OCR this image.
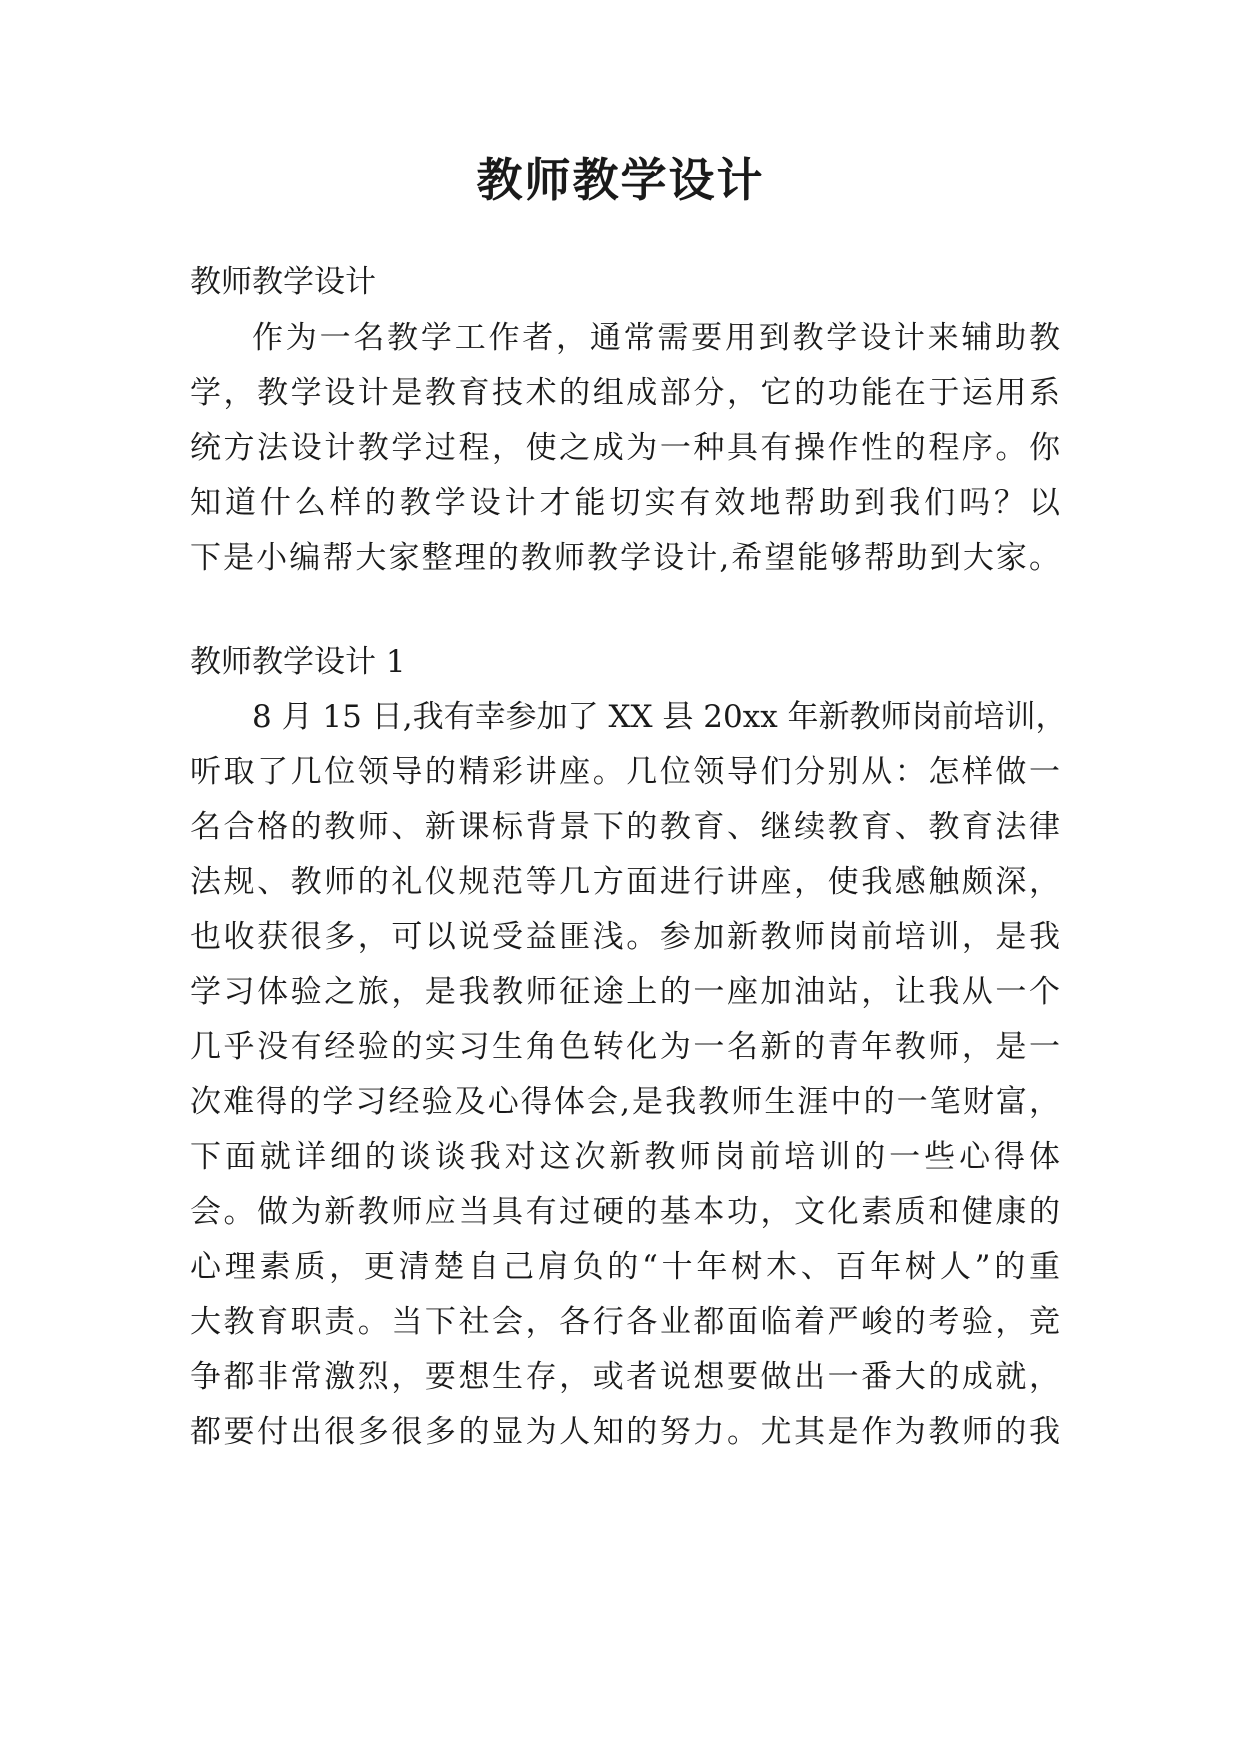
教师教学设计

教师教学设计

作为一名教学工作者，通常需要用到教学设计来辅助教

学，教学设计是教育技术的组成部分，它的功能在于运用系

统方法设计教学过程，使之成为一种具有操作性的程序。你

知道什么样的教学设计才能切实有效地帮助到我们吗？以

下是小编帮大家整理的教师教学设计,希望能够帮助到大家。

教师教学设计 1

8 月 15 日,我有幸参加了 XX 县 20xx 年新教师岗前培训，

听取了几位领导的精彩讲座。几位领导们分别从：怎样做一

名合格的教师、新课标背景下的教育、继续教育、教育法律

法规、教师的礼仪规范等几方面进行讲座，使我感触颇深，

也收获很多，可以说受益匪浅。参加新教师岗前培训，是我

学习体验之旅，是我教师征途上的一座加油站，让我从一个

几乎没有经验的实习生角色转化为一名新的青年教师，是一

次难得的学习经验及心得体会,是我教师生涯中的一笔财富，

下面就详细的谈谈我对这次新教师岗前培训的一些心得体

会。做为新教师应当具有过硬的基本功，文化素质和健康的

心理素质，更清楚自己肩负的“十年树木、百年树人”的重

大教育职责。当下社会，各行各业都面临着严峻的考验，竞

争都非常激烈，要想生存，或者说想要做出一番大的成就，

都要付出很多很多的显为人知的努力。尤其是作为教师的我
